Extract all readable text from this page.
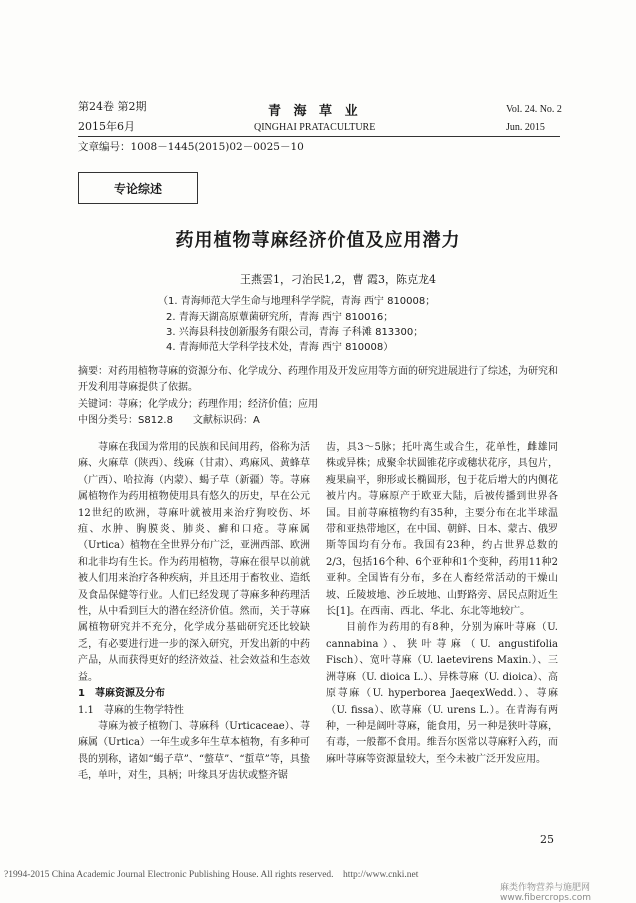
第24卷 第2期
2015年6月
青 海 草 业
QINGHAI PRATACULTURE
Vol. 24. No. 2
Jun. 2015
文章编号：1008－1445(2015)02－0025－10
专论综述
药用植物荨麻经济价值及应用潜力
王燕雲1，刁治民1,2，曹 霞3，陈克龙4
（1. 青海师范大学生命与地理科学学院，青海 西宁 810008；
2. 青海天湖高原蕈菌研究所，青海 西宁 810016；
3. 兴海县科技创新服务有限公司，青海 子科滩 813300；
4. 青海师范大学科学技术处，青海 西宁 810008）
摘要：对药用植物荨麻的资源分布、化学成分、药理作用及开发应用等方面的研究进展进行了综述，为研究和开发利用荨麻提供了依据。
关键词：荨麻；化学成分；药理作用；经济价值；应用
中图分类号：S812.8　　文献标识码：A

荨麻在我国为常用的民族和民间用药，俗称为活麻、火麻草（陕西）、线麻（甘肃）、鸡麻风、黄蜂草（广西）、哈拉海（内蒙）、蝎子草（新疆）等。荨麻属植物作为药用植物使用具有悠久的历史，早在公元12世纪的欧洲，荨麻叶就被用来治疗狗咬伤、坏疽、水肿、胸膜炎、肺炎、癣和口疮。荨麻属（Urtica）植物在全世界分布广泛，亚洲西部、欧洲和北非均有生长。作为药用植物，荨麻在很早以前就被人们用来治疗各种疾病，并且还用于畜牧业、造纸及食品保健等行业。人们已经发现了荨麻多种药理活性，从中看到巨大的潜在经济价值。然而，关于荨麻属植物研究并不充分，化学成分基础研究还比较缺乏，有必要进行进一步的深入研究，开发出新的中药产品，从而获得更好的经济效益、社会效益和生态效益。

1　荨麻资源及分布

1.1　荨麻的生物学特性

荨麻为被子植物门、荨麻科（Urticaceae）、荨麻属（Urtica）一年生或多年生草本植物，有多种可畏的别称，诸如“蝎子草”、“螫草”、“蜇草”等，具蛰毛，单叶，对生，具柄；叶缘具牙齿状或整齐锯

齿，具3～5脉；托叶离生或合生，花单性，雌雄同株或异株；成聚伞状圆锥花序或穗状花序，具包片，瘦果扁平，卵形或长椭圆形，包于花后增大的内侧花被片内。荨麻原产于欧亚大陆，后被传播到世界各国。目前荨麻植物约有35种，主要分布在北半球温带和亚热带地区，在中国、朝鲜、日本、蒙古、俄罗斯等国均有分布。我国有23种，约占世界总数的2/3，包括16个种、6个亚种和1个变种，药用11种2亚种。全国皆有分布，多在人畜经常活动的干燥山坡、丘陵坡地、沙丘坡地、山野路旁、居民点附近生长[1]。在西南、西北、华北、东北等地较广。

目前作为药用的有8种，分别为麻叶荨麻（U. cannabina）、狭叶荨麻（U. angustifolia Fisch）、宽叶荨麻（U. laetevirens Maxin.）、三洲荨麻（U. dioica L.）、异株荨麻（U. dioica）、高原荨麻（U. hyperborea JaeqexWedd.）、荨麻（U. fissa）、欧荨麻（U. urens L.）。在青海有两种，一种是阔叶荨麻，能食用，另一种是狭叶荨麻，有毒，一般都不食用。维吾尔医常以荨麻籽入药，而麻叶荨麻等资源量较大，至今未被广泛开发应用。

25
?1994-2015 China Academic Journal Electronic Publishing House. All rights reserved.　http://www.cnki.net
麻类作物营养与施肥网 www.fibercrops.com
